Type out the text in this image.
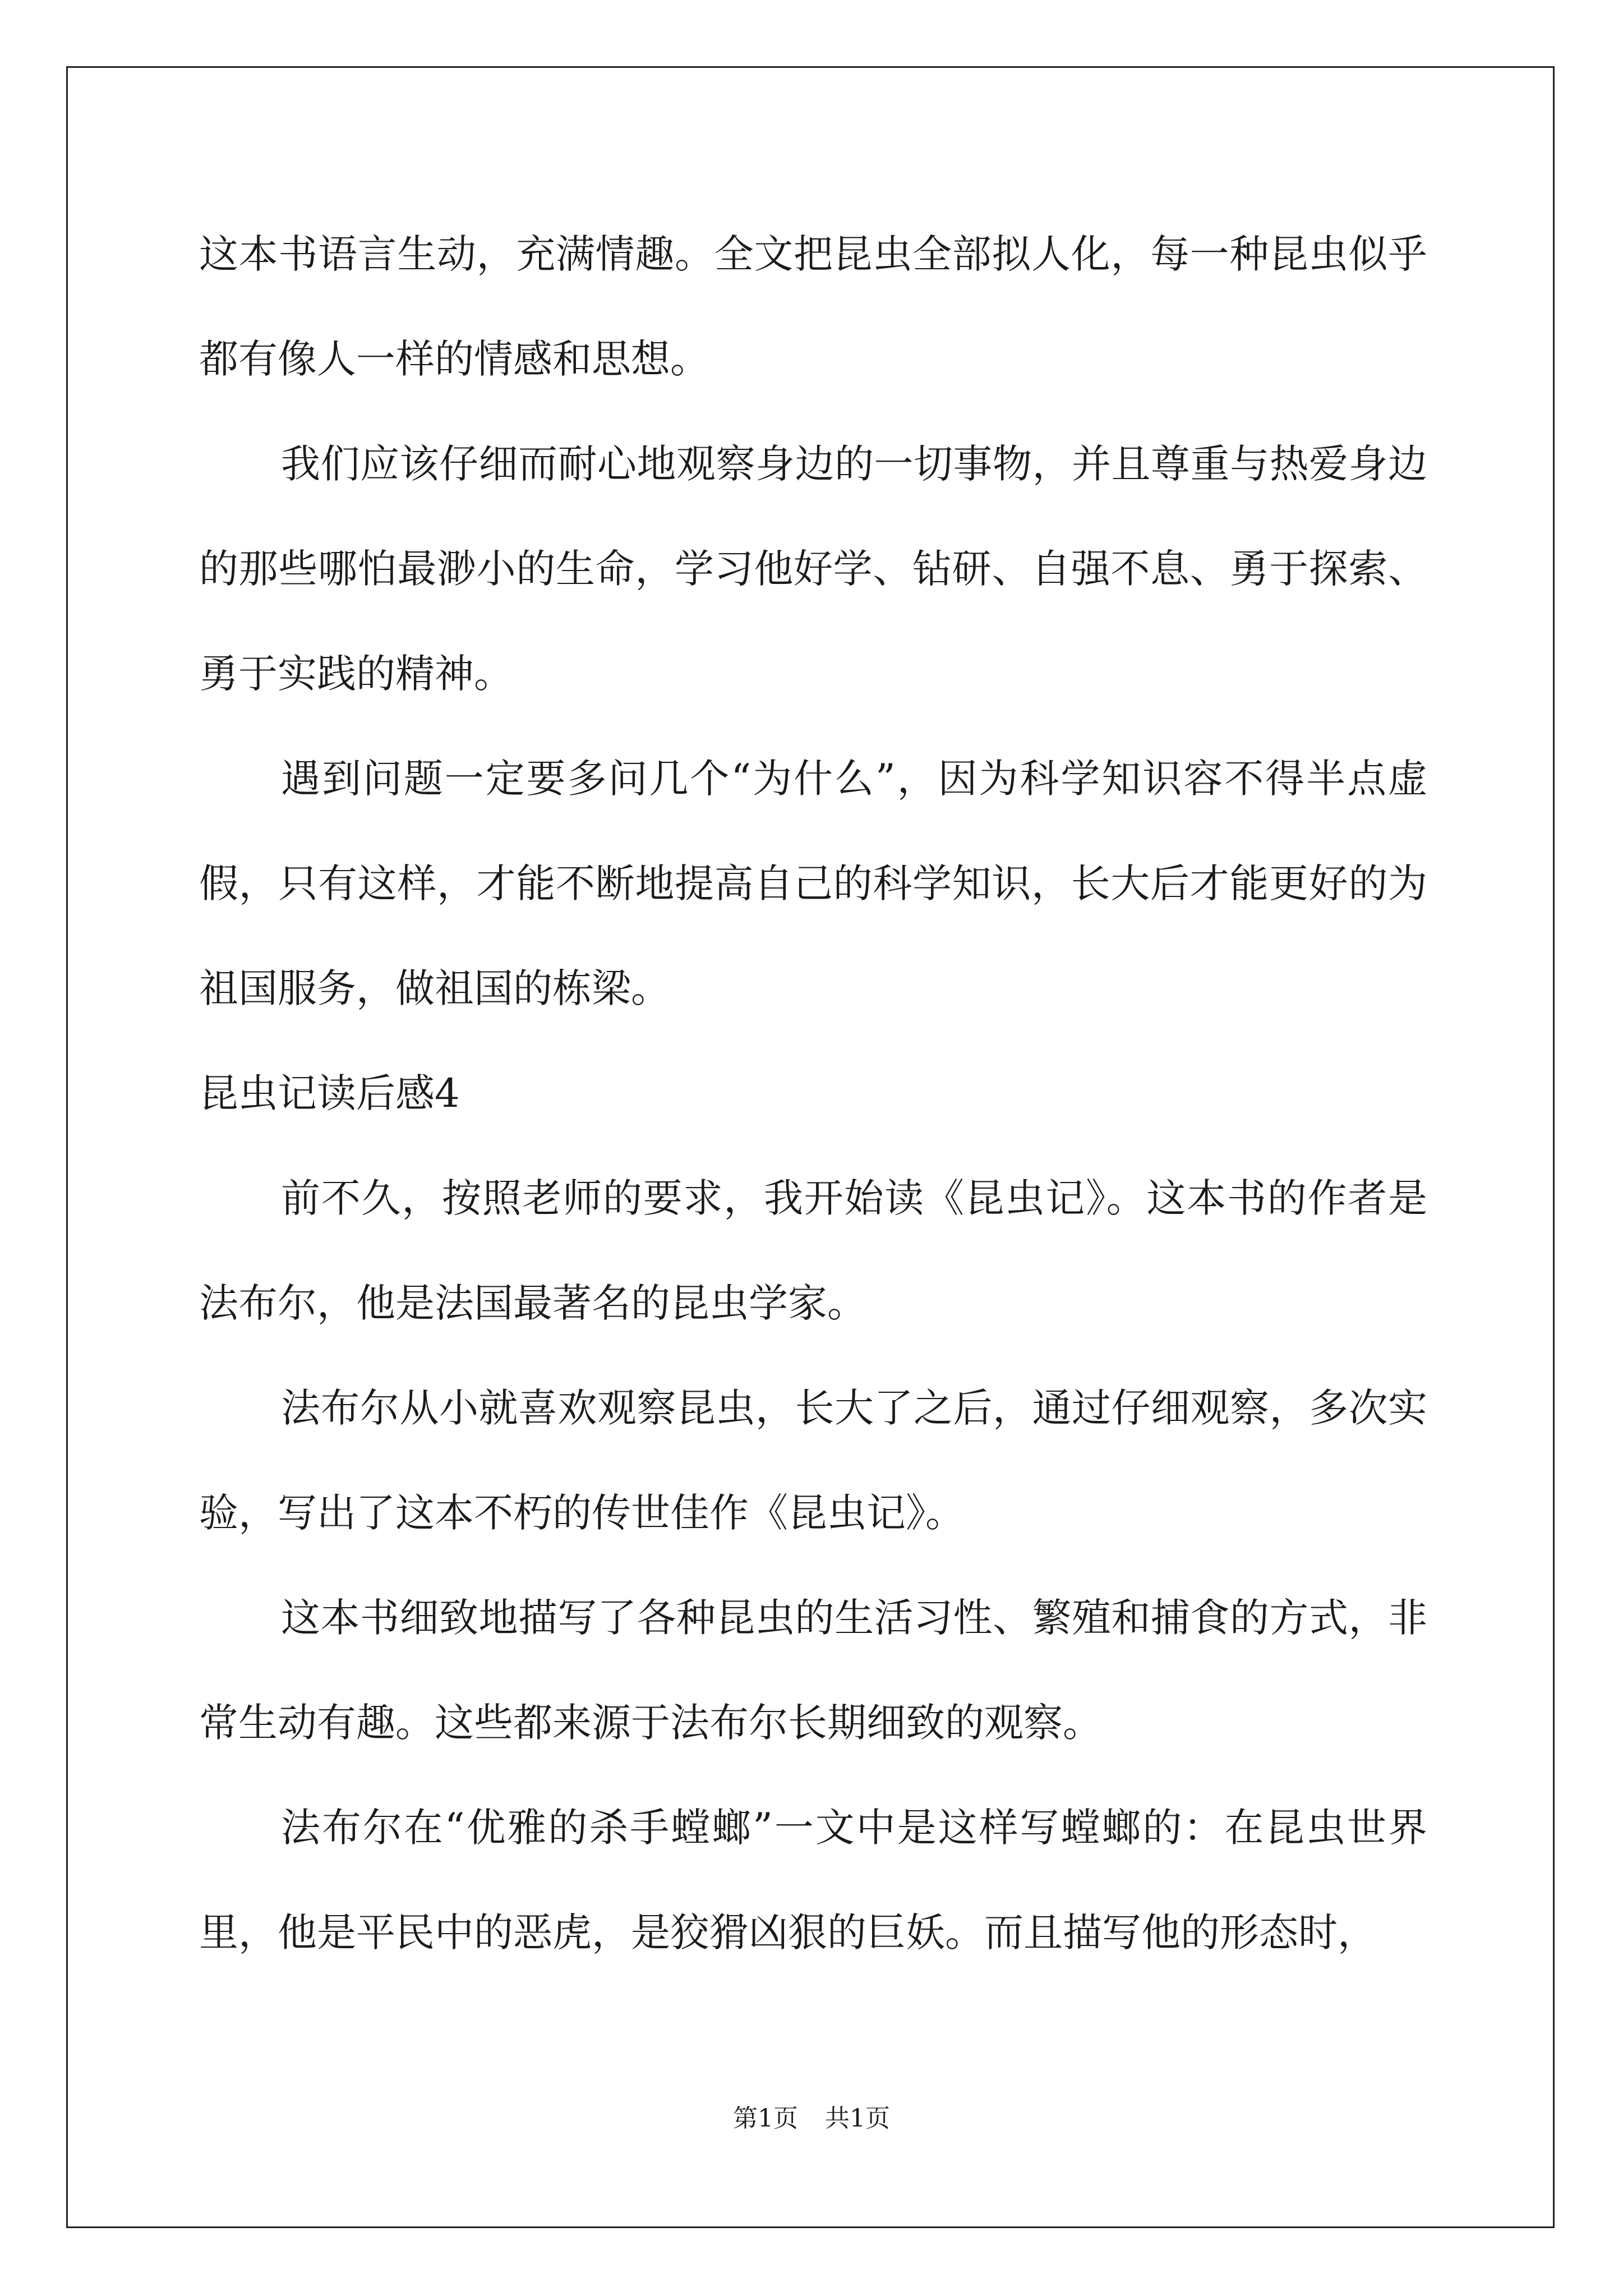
这本书语言生动，充满情趣。全文把昆虫全部拟人化，每一种昆虫似乎都有像人一样的情感和思想。

我们应该仔细而耐心地观察身边的一切事物，并且尊重与热爱身边的那些哪怕最渺小的生命，学习他好学、钻研、自强不息、勇于探索、勇于实践的精神。

遇到问题一定要多问几个“为什么”，因为科学知识容不得半点虚假，只有这样，才能不断地提高自己的科学知识，长大后才能更好的为祖国服务，做祖国的栋梁。

昆虫记读后感4

前不久，按照老师的要求，我开始读《昆虫记》。这本书的作者是法布尔，他是法国最著名的昆虫学家。

法布尔从小就喜欢观察昆虫，长大了之后，通过仔细观察，多次实验，写出了这本不朽的传世佳作《昆虫记》。

这本书细致地描写了各种昆虫的生活习性、繁殖和捕食的方式，非常生动有趣。这些都来源于法布尔长期细致的观察。

法布尔在“优雅的杀手螳螂”一文中是这样写螳螂的：在昆虫世界里，他是平民中的恶虎，是狡猾凶狠的巨妖。而且描写他的形态时，

第1页 共1页
